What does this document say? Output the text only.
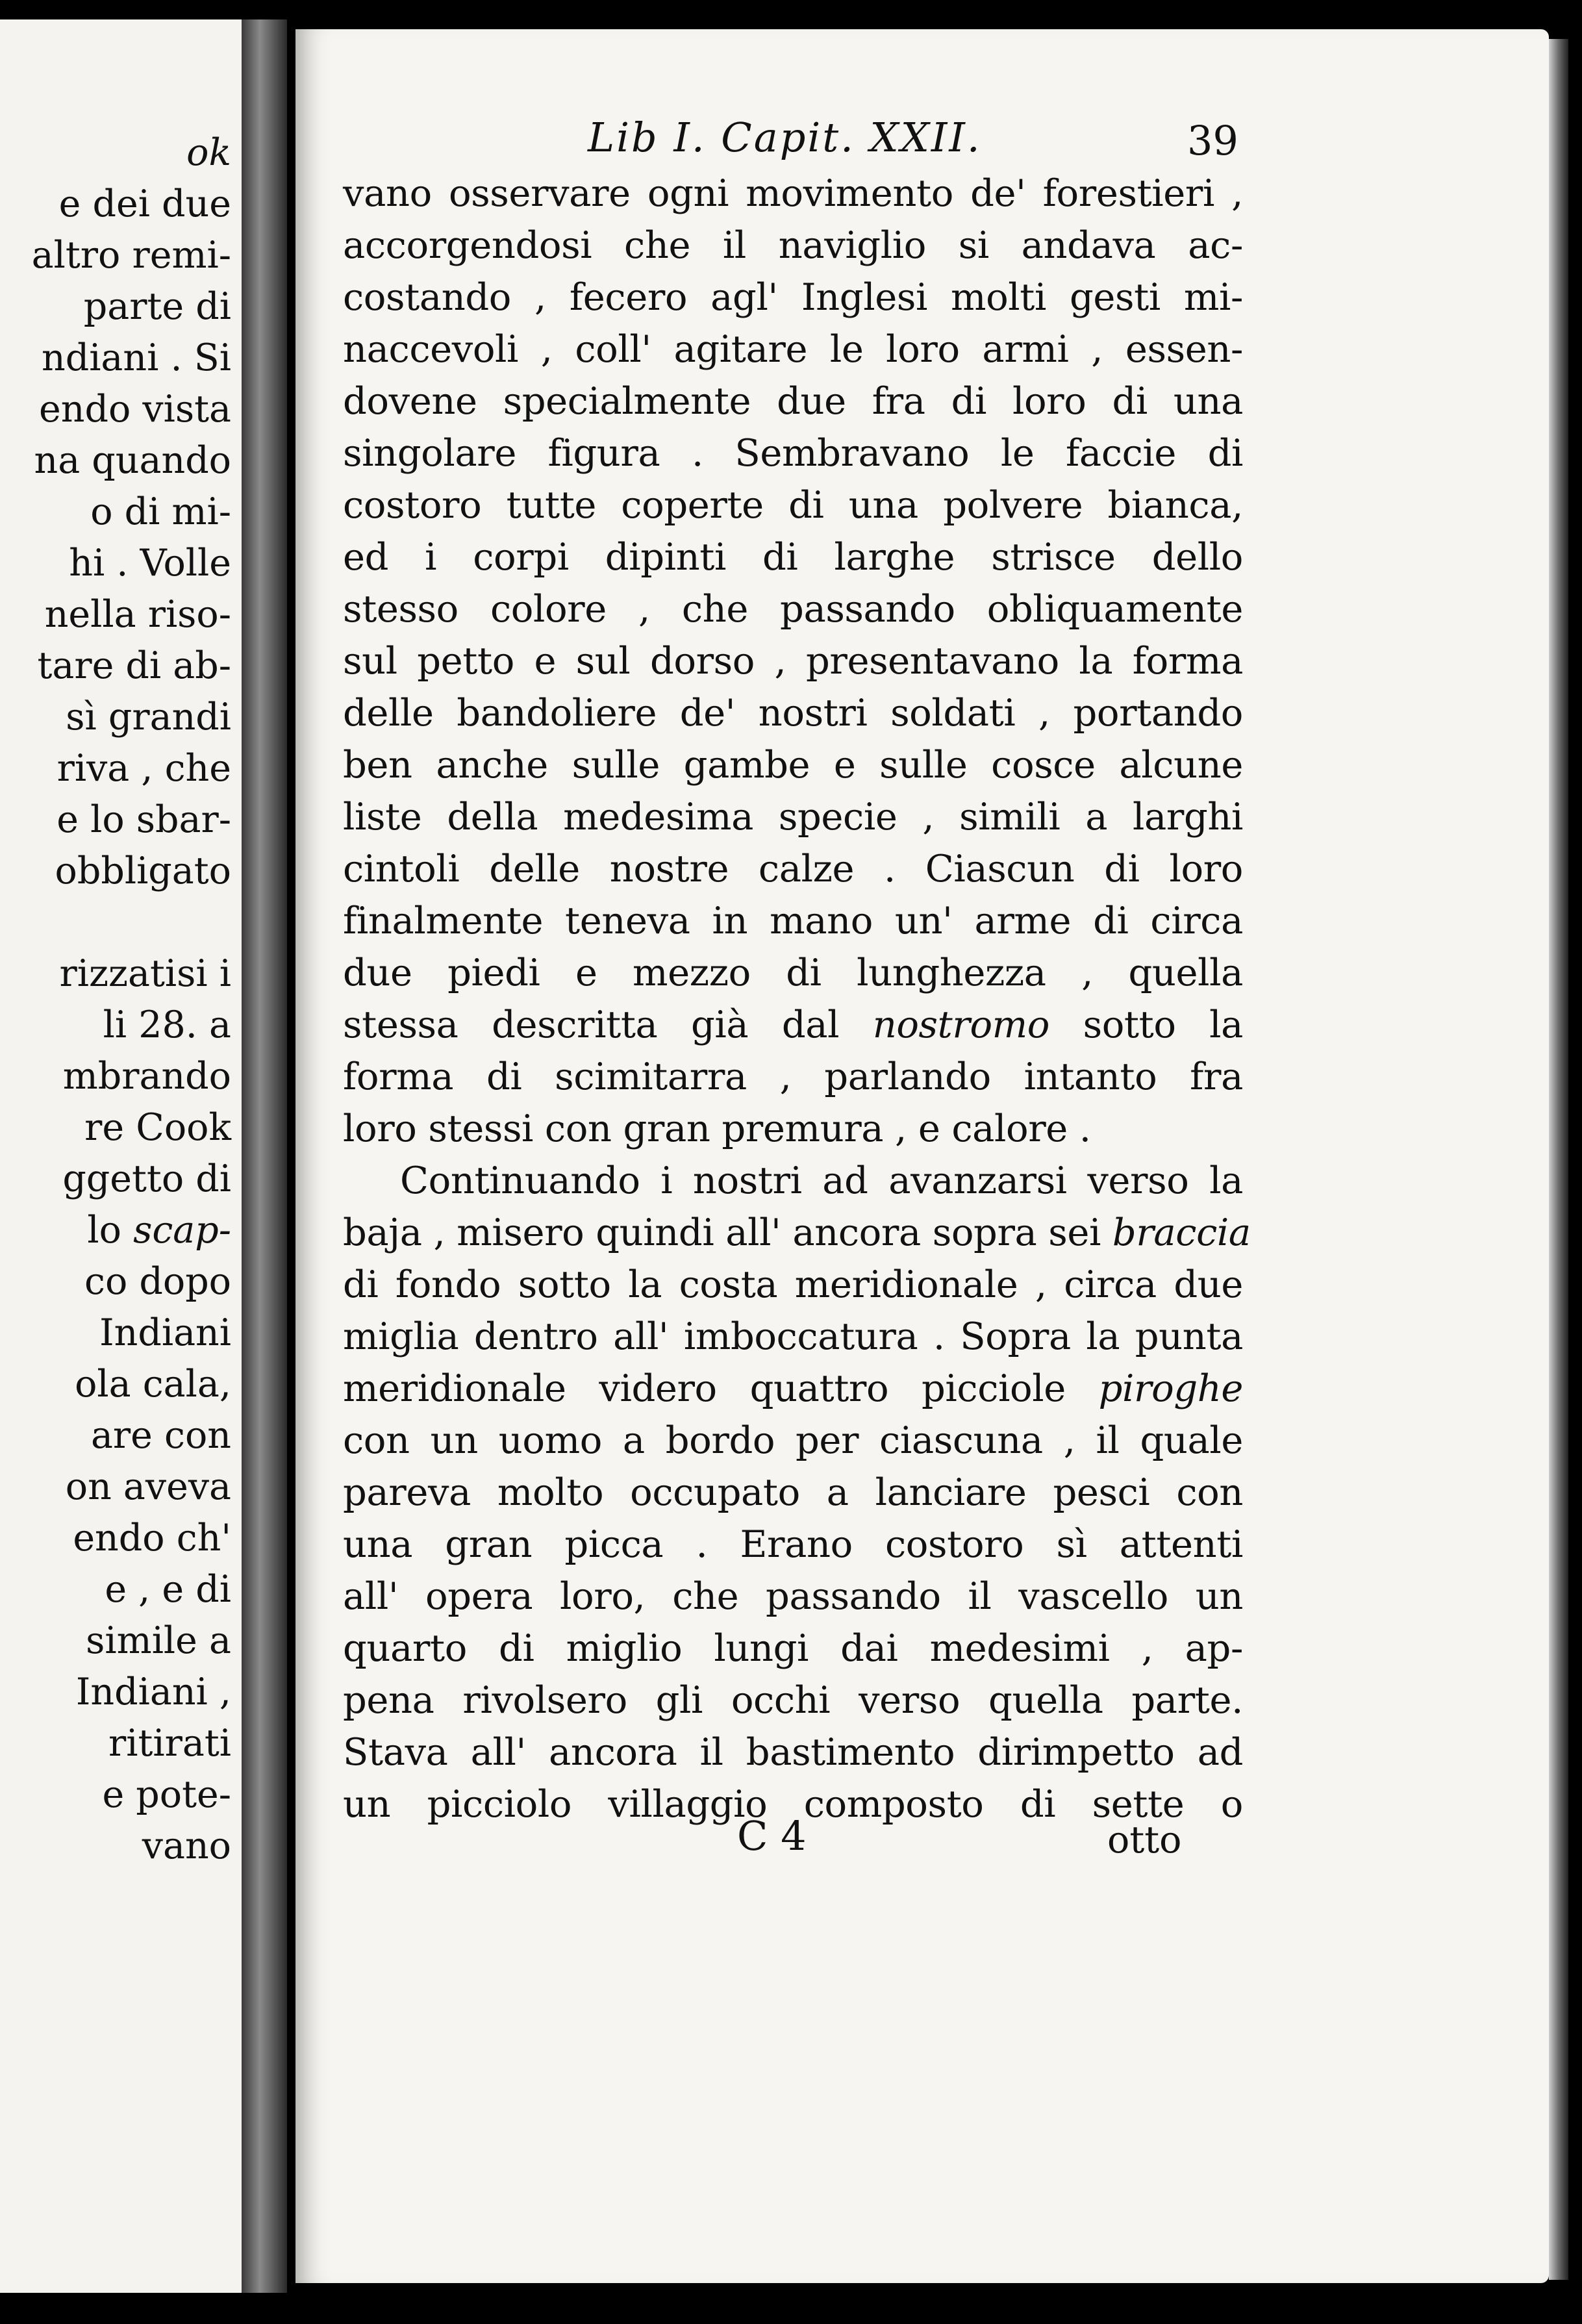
ok
e dei due
altro remi-
parte di
ndiani . Si
endo vista
na quando
o di mi-
hi . Volle
nella riso-
tare di ab-
sì grandi
riva , che
e lo sbar-
obbligato
rizzatisi i
li 28. a
mbrando
re Cook
ggetto di
lo scap-
co dopo
Indiani
ola cala,
are con
on aveva
endo ch'
e , e di
simile a
Indiani ,
ritirati
e pote-
vano
Lib I. Capit. XXII.	39
vano osservare ogni movimento de' forestieri ,
accorgendosi che il naviglio si andava ac-
costando , fecero agl' Inglesi molti gesti mi-
naccevoli , coll' agitare le loro armi , essen-
dovene specialmente due fra di loro di una
singolare figura . Sembravano le faccie di
costoro tutte coperte di una polvere bianca,
ed i corpi dipinti di larghe strisce dello
stesso colore , che passando obliquamente
sul petto e sul dorso , presentavano la forma
delle bandoliere de' nostri soldati , portando
ben anche sulle gambe e sulle cosce alcune
liste della medesima specie , simili a larghi
cintoli delle nostre calze . Ciascun di loro
finalmente teneva in mano un' arme di circa
due piedi e mezzo di lunghezza , quella
stessa descritta già dal nostromo sotto la
forma di scimitarra , parlando intanto fra
loro stessi con gran premura , e calore .
Continuando i nostri ad avanzarsi verso la
baja , misero quindi all' ancora sopra sei braccia
di fondo sotto la costa meridionale , circa due
miglia dentro all' imboccatura . Sopra la punta
meridionale videro quattro picciole piroghe
con un uomo a bordo per ciascuna , il quale
pareva molto occupato a lanciare pesci con
una gran picca . Erano costoro sì attenti
all' opera loro, che passando il vascello un
quarto di miglio lungi dai medesimi , ap-
pena rivolsero gli occhi verso quella parte.
Stava all' ancora il bastimento dirimpetto ad
un picciolo villaggio composto di sette o
C 4	otto
